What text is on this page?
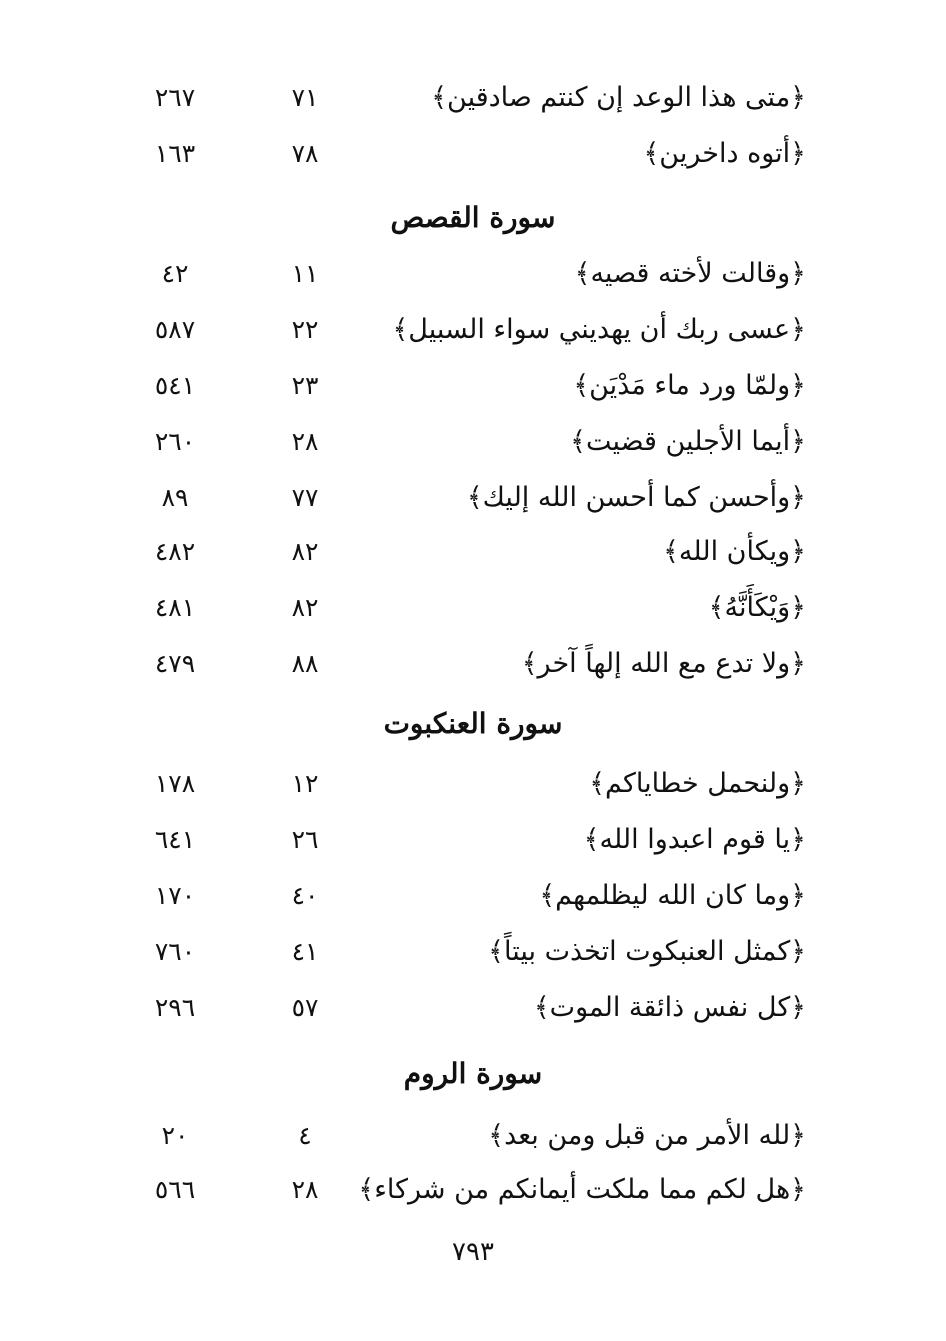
﴿متى هذا الوعد إن كنتم صادقين﴾
٧١
٢٦٧
﴿أتوه داخرين﴾
٧٨
١٦٣
سورة القصص
﴿وقالت لأخته قصيه﴾
١١
٤٢
﴿عسى ربك أن يهديني سواء السبيل﴾
٢٢
٥٨٧
﴿ولمّا ورد ماء مَدْيَن﴾
٢٣
٥٤١
﴿أيما الأجلين قضيت﴾
٢٨
٢٦٠
﴿وأحسن كما أحسن الله إليك﴾
٧٧
٨٩
﴿ويكأن الله﴾
٨٢
٤٨٢
﴿وَيْكَأَنَّهُ﴾
٨٢
٤٨١
﴿ولا تدع مع الله إلهاً آخر﴾
٨٨
٤٧٩
سورة العنكبوت
﴿ولنحمل خطاياكم﴾
١٢
١٧٨
﴿يا قوم اعبدوا الله﴾
٢٦
٦٤١
﴿وما كان الله ليظلمهم﴾
٤٠
١٧٠
﴿كمثل العنبكوت اتخذت بيتاً﴾
٤١
٧٦٠
﴿كل نفس ذائقة الموت﴾
٥٧
٢٩٦
سورة الروم
﴿لله الأمر من قبل ومن بعد﴾
٤
٢٠
﴿هل لكم مما ملكت أيمانكم من شركاء﴾
٢٨
٥٦٦
٧٩٣
